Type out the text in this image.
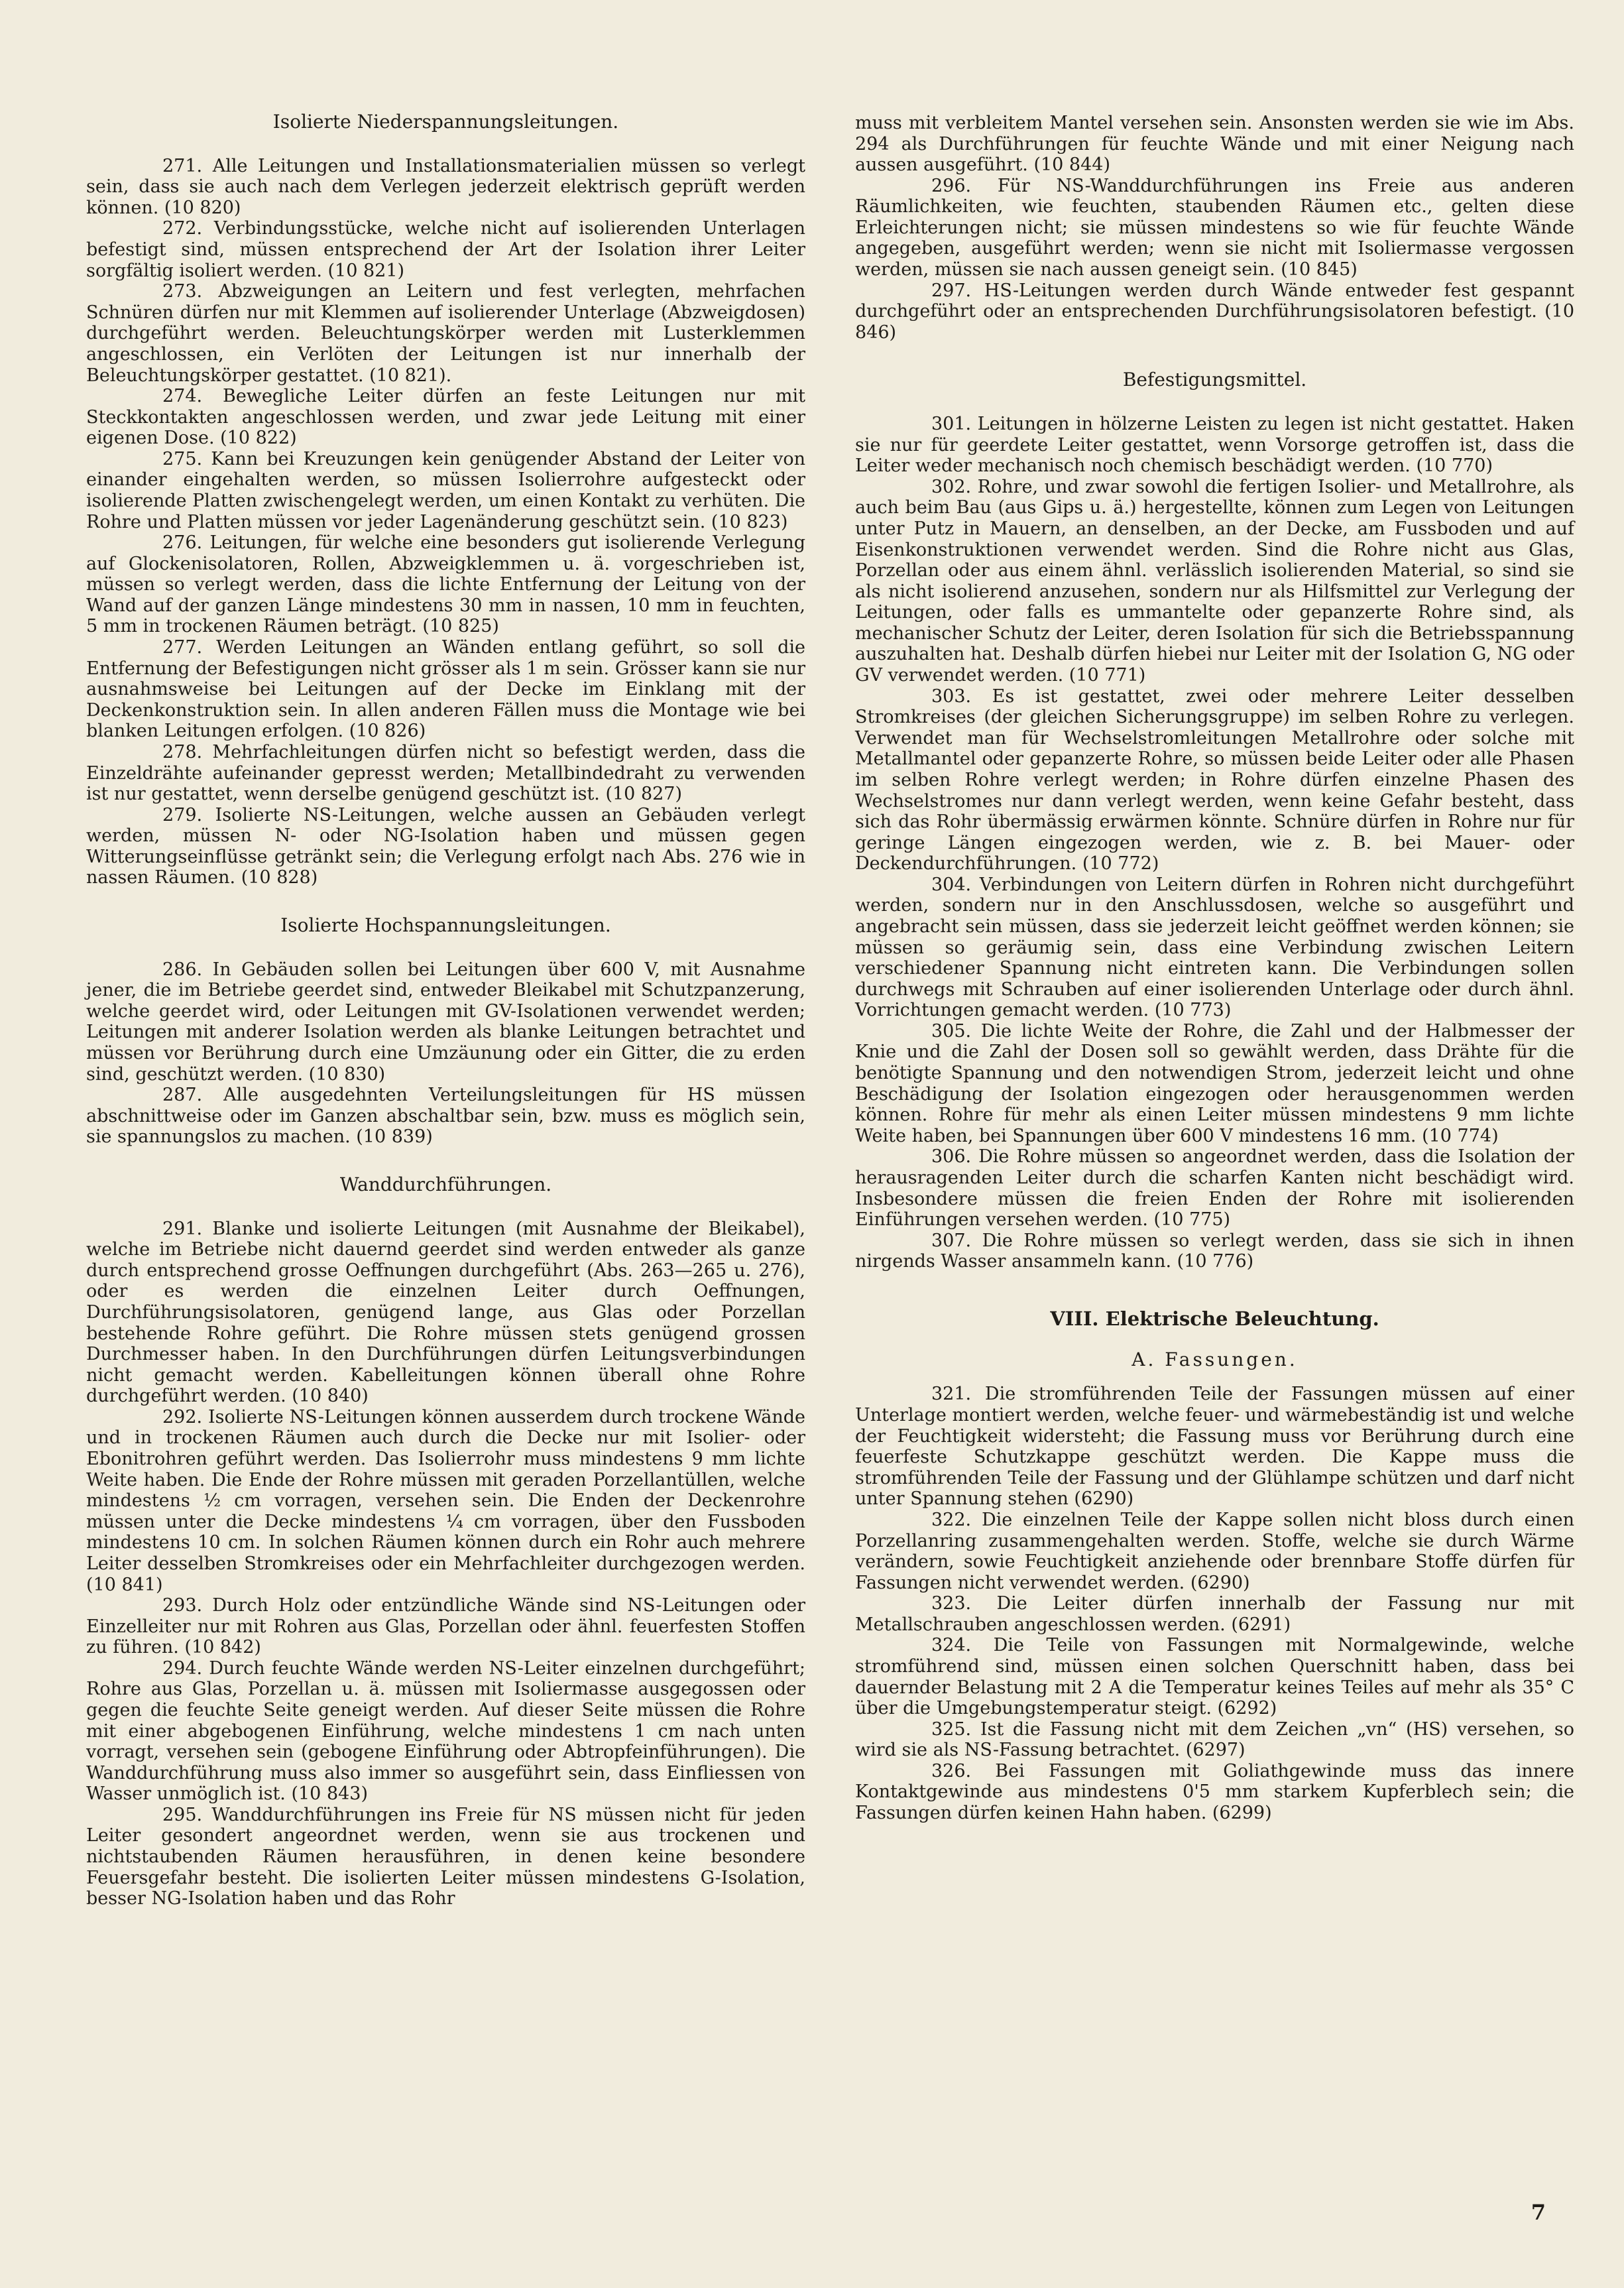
Isolierte Niederspannungsleitungen.

271. Alle Leitungen und Installationsmaterialien müssen so verlegt sein, dass sie auch nach dem Verlegen jederzeit elektrisch geprüft werden können. (10 820)

272. Verbindungsstücke, welche nicht auf isolierenden Unterlagen befestigt sind, müssen entsprechend der Art der Isolation ihrer Leiter sorgfältig isoliert werden. (10 821)

273. Abzweigungen an Leitern und fest verlegten, mehrfachen Schnüren dürfen nur mit Klemmen auf isolierender Unterlage (Abzweigdosen) durchgeführt werden. Beleuchtungskörper werden mit Lusterklemmen angeschlossen, ein Verlöten der Leitungen ist nur innerhalb der Beleuchtungskörper gestattet. (10 821).

274. Bewegliche Leiter dürfen an feste Leitungen nur mit Steckkontakten angeschlossen werden, und zwar jede Leitung mit einer eigenen Dose. (10 822)

275. Kann bei Kreuzungen kein genügender Abstand der Leiter von einander eingehalten werden, so müssen Isolierrohre aufgesteckt oder isolierende Platten zwischengelegt werden, um einen Kontakt zu verhüten. Die Rohre und Platten müssen vor jeder Lagenänderung geschützt sein. (10 823)

276. Leitungen, für welche eine besonders gut isolierende Verlegung auf Glockenisolatoren, Rollen, Abzweigklemmen u. ä. vorgeschrieben ist, müssen so verlegt werden, dass die lichte Entfernung der Leitung von der Wand auf der ganzen Länge mindestens 30 mm in nassen, 10 mm in feuchten, 5 mm in trockenen Räumen beträgt. (10 825)

277. Werden Leitungen an Wänden entlang geführt, so soll die Entfernung der Befestigungen nicht grösser als 1 m sein. Grösser kann sie nur ausnahmsweise bei Leitungen auf der Decke im Einklang mit der Deckenkonstruktion sein. In allen anderen Fällen muss die Montage wie bei blanken Leitungen erfolgen. (10 826)

278. Mehrfachleitungen dürfen nicht so befestigt werden, dass die Einzeldrähte aufeinander gepresst werden; Metallbindedraht zu verwenden ist nur gestattet, wenn derselbe genügend geschützt ist. (10 827)

279. Isolierte NS-Leitungen, welche aussen an Gebäuden verlegt werden, müssen N- oder NG-Isolation haben und müssen gegen Witterungseinflüsse getränkt sein; die Verlegung erfolgt nach Abs. 276 wie in nassen Räumen. (10 828)

Isolierte Hochspannungsleitungen.

286. In Gebäuden sollen bei Leitungen über 600 V, mit Ausnahme jener, die im Betriebe geerdet sind, entweder Bleikabel mit Schutzpanzerung, welche geerdet wird, oder Leitungen mit GV-Isolationen verwendet werden; Leitungen mit anderer Isolation werden als blanke Leitungen betrachtet und müssen vor Berührung durch eine Umzäunung oder ein Gitter, die zu erden sind, geschützt werden. (10 830)

287. Alle ausgedehnten Verteilungsleitungen für HS müssen abschnittweise oder im Ganzen abschaltbar sein, bzw. muss es möglich sein, sie spannungslos zu machen. (10 839)

Wanddurchführungen.

291. Blanke und isolierte Leitungen (mit Ausnahme der Bleikabel), welche im Betriebe nicht dauernd geerdet sind werden entweder als ganze durch entsprechend grosse Oeffnungen durchgeführt (Abs. 263—265 u. 276), oder es werden die einzelnen Leiter durch Oeffnungen, Durchführungsisolatoren, genügend lange, aus Glas oder Porzellan bestehende Rohre geführt. Die Rohre müssen stets genügend grossen Durchmesser haben. In den Durchführungen dürfen Leitungsverbindungen nicht gemacht werden. Kabelleitungen können überall ohne Rohre durchgeführt werden. (10 840)

292. Isolierte NS-Leitungen können ausserdem durch trockene Wände und in trockenen Räumen auch durch die Decke nur mit Isolier- oder Ebonitrohren geführt werden. Das Isolierrohr muss mindestens 9 mm lichte Weite haben. Die Ende der Rohre müssen mit geraden Porzellantüllen, welche mindestens ½ cm vorragen, versehen sein. Die Enden der Deckenrohre müssen unter die Decke mindestens ¼ cm vorragen, über den Fussboden mindestens 10 cm. In solchen Räumen können durch ein Rohr auch mehrere Leiter desselben Stromkreises oder ein Mehrfachleiter durchgezogen werden. (10 841)

293. Durch Holz oder entzündliche Wände sind NS-Leitungen oder Einzelleiter nur mit Rohren aus Glas, Porzellan oder ähnl. feuerfesten Stoffen zu führen. (10 842)

294. Durch feuchte Wände werden NS-Leiter einzelnen durchgeführt; Rohre aus Glas, Porzellan u. ä. müssen mit Isoliermasse ausgegossen oder gegen die feuchte Seite geneigt werden. Auf dieser Seite müssen die Rohre mit einer abgebogenen Einführung, welche mindestens 1 cm nach unten vorragt, versehen sein (gebogene Einführung oder Abtropfeinführungen). Die Wanddurchführung muss also immer so ausgeführt sein, dass Einfliessen von Wasser unmöglich ist. (10 843)

295. Wanddurchführungen ins Freie für NS müssen nicht für jeden Leiter gesondert angeordnet werden, wenn sie aus trockenen und nichtstaubenden Räumen herausführen, in denen keine besondere Feuersgefahr besteht. Die isolierten Leiter müssen mindestens G-Isolation, besser NG-Isolation haben und das Rohr

muss mit verbleitem Mantel versehen sein. Ansonsten werden sie wie im Abs. 294 als Durchführungen für feuchte Wände und mit einer Neigung nach aussen ausgeführt. (10 844)

296. Für NS-Wanddurchführungen ins Freie aus anderen Räumlichkeiten, wie feuchten, staubenden Räumen etc., gelten diese Erleichterungen nicht; sie müssen mindestens so wie für feuchte Wände angegeben, ausgeführt werden; wenn sie nicht mit Isoliermasse vergossen werden, müssen sie nach aussen geneigt sein. (10 845)

297. HS-Leitungen werden durch Wände entweder fest gespannt durchgeführt oder an entsprechenden Durchführungsisolatoren befestigt. (10 846)

Befestigungsmittel.

301. Leitungen in hölzerne Leisten zu legen ist nicht gestattet. Haken sie nur für geerdete Leiter gestattet, wenn Vorsorge getroffen ist, dass die Leiter weder mechanisch noch chemisch beschädigt werden. (10 770)

302. Rohre, und zwar sowohl die fertigen Isolier- und Metallrohre, als auch beim Bau (aus Gips u. ä.) hergestellte, können zum Legen von Leitungen unter Putz in Mauern, an denselben, an der Decke, am Fussboden und auf Eisenkonstruktionen verwendet werden. Sind die Rohre nicht aus Glas, Porzellan oder aus einem ähnl. verlässlich isolierenden Material, so sind sie als nicht isolierend anzusehen, sondern nur als Hilfsmittel zur Verlegung der Leitungen, oder falls es ummantelte oder gepanzerte Rohre sind, als mechanischer Schutz der Leiter, deren Isolation für sich die Betriebsspannung auszuhalten hat. Deshalb dürfen hiebei nur Leiter mit der Isolation G, NG oder GV verwendet werden. (10 771)

303. Es ist gestattet, zwei oder mehrere Leiter desselben Stromkreises (der gleichen Sicherungsgruppe) im selben Rohre zu verlegen. Verwendet man für Wechselstromleitungen Metallrohre oder solche mit Metallmantel oder gepanzerte Rohre, so müssen beide Leiter oder alle Phasen im selben Rohre verlegt werden; in Rohre dürfen einzelne Phasen des Wechselstromes nur dann verlegt werden, wenn keine Gefahr besteht, dass sich das Rohr übermässig erwärmen könnte. Schnüre dürfen in Rohre nur für geringe Längen eingezogen werden, wie z. B. bei Mauer- oder Deckendurchführungen. (10 772)

304. Verbindungen von Leitern dürfen in Rohren nicht durchgeführt werden, sondern nur in den Anschlussdosen, welche so ausgeführt und angebracht sein müssen, dass sie jederzeit leicht geöffnet werden können; sie müssen so geräumig sein, dass eine Verbindung zwischen Leitern verschiedener Spannung nicht eintreten kann. Die Verbindungen sollen durchwegs mit Schrauben auf einer isolierenden Unterlage oder durch ähnl. Vorrichtungen gemacht werden. (10 773)

305. Die lichte Weite der Rohre, die Zahl und der Halbmesser der Knie und die Zahl der Dosen soll so gewählt werden, dass Drähte für die benötigte Spannung und den notwendigen Strom, jederzeit leicht und ohne Beschädigung der Isolation eingezogen oder herausgenommen werden können. Rohre für mehr als einen Leiter müssen mindestens 9 mm lichte Weite haben, bei Spannungen über 600 V mindestens 16 mm. (10 774)

306. Die Rohre müssen so angeordnet werden, dass die Isolation der herausragenden Leiter durch die scharfen Kanten nicht beschädigt wird. Insbesondere müssen die freien Enden der Rohre mit isolierenden Einführungen versehen werden. (10 775)

307. Die Rohre müssen so verlegt werden, dass sie sich in ihnen nirgends Wasser ansammeln kann. (10 776)

VIII. Elektrische Beleuchtung.
A. Fassungen.

321. Die stromführenden Teile der Fassungen müssen auf einer Unterlage montiert werden, welche feuer- und wärmebeständig ist und welche der Feuchtigkeit widersteht; die Fassung muss vor Berührung durch eine feuerfeste Schutzkappe geschützt werden. Die Kappe muss die stromführenden Teile der Fassung und der Glühlampe schützen und darf nicht unter Spannung stehen (6290)

322. Die einzelnen Teile der Kappe sollen nicht bloss durch einen Porzellanring zusammengehalten werden. Stoffe, welche sie durch Wärme verändern, sowie Feuchtigkeit anziehende oder brennbare Stoffe dürfen für Fassungen nicht verwendet werden. (6290)

323. Die Leiter dürfen innerhalb der Fassung nur mit Metallschrauben angeschlossen werden. (6291)

324. Die Teile von Fassungen mit Normalgewinde, welche stromführend sind, müssen einen solchen Querschnitt haben, dass bei dauernder Belastung mit 2 A die Temperatur keines Teiles auf mehr als 35° C über die Umgebungstemperatur steigt. (6292)

325. Ist die Fassung nicht mit dem Zeichen „vn“ (HS) versehen, so wird sie als NS-Fassung betrachtet. (6297)

326. Bei Fassungen mit Goliathgewinde muss das innere Kontaktgewinde aus mindestens 0'5 mm starkem Kupferblech sein; die Fassungen dürfen keinen Hahn haben. (6299)

7
